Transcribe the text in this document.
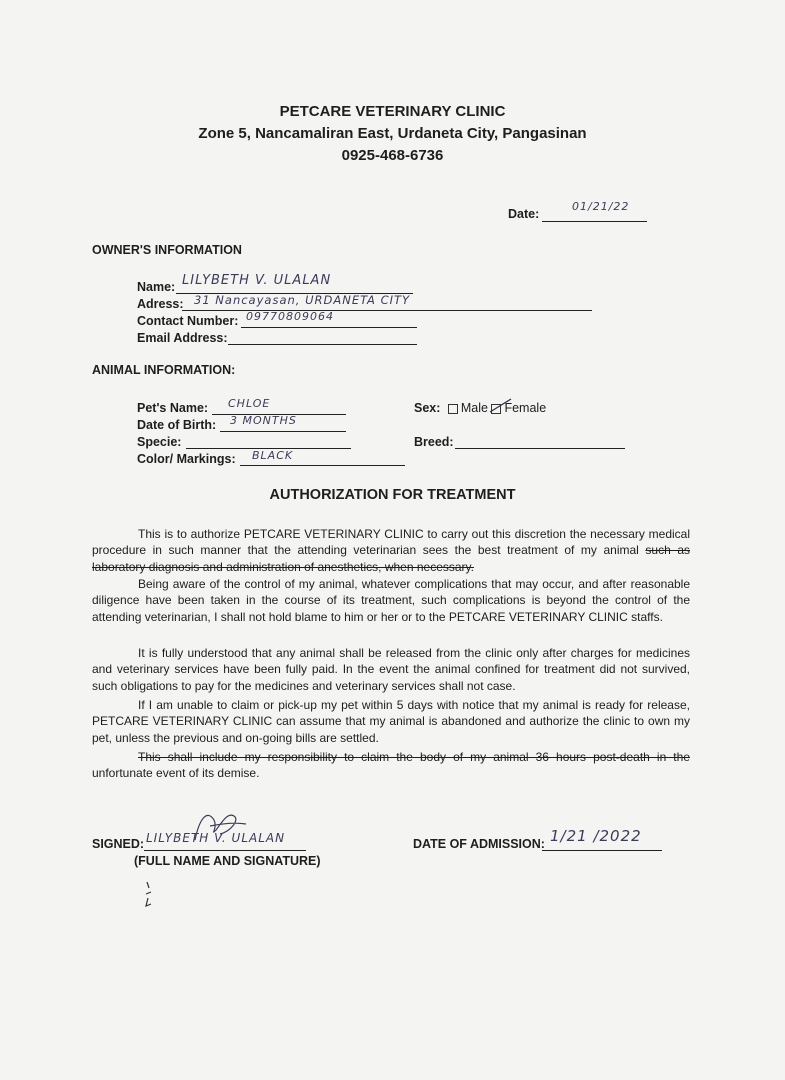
PETCARE VETERINARY CLINIC
Zone 5, Nancamaliran East, Urdaneta City, Pangasinan
0925-468-6736
Date:
01/21/22
OWNER'S INFORMATION
Name: LILYBETH V. ULALAN
Adress: 31 Nancayasan, URDANETA CITY
Contact Number: 09770809064
Email Address:
ANIMAL INFORMATION:
Pet's Name: CHLOE
Date of Birth: 3 MONTHS
Specie:
Color/ Markings: BLACK
Sex: Male Female
Breed:
AUTHORIZATION FOR TREATMENT

This is to authorize PETCARE VETERINARY CLINIC to carry out this discretion the necessary medical procedure in such manner that the attending veterinarian sees the best treatment of my animal such as laboratory diagnosis and administration of anesthetics, when necessary.

Being aware of the control of my animal, whatever complications that may occur, and after reasonable diligence have been taken in the course of its treatment, such complications is beyond the control of the attending veterinarian, I shall not hold blame to him or her or to the PETCARE VETERINARY CLINIC staffs.

It is fully understood that any animal shall be released from the clinic only after charges for medicines and veterinary services have been fully paid. In the event the animal confined for treatment did not survived, such obligations to pay for the medicines and veterinary services shall not case.

If I am unable to claim or pick-up my pet within 5 days with notice that my animal is ready for release, PETCARE VETERINARY CLINIC can assume that my animal is abandoned and authorize the clinic to own my pet, unless the previous and on-going bills are settled.

This shall include my responsibility to claim the body of my animal 36 hours post-death in the unfortunate event of its demise.

SIGNED: LILYBETH V. ULALAN
(FULL NAME AND SIGNATURE)
DATE OF ADMISSION: 1/21 /2022
